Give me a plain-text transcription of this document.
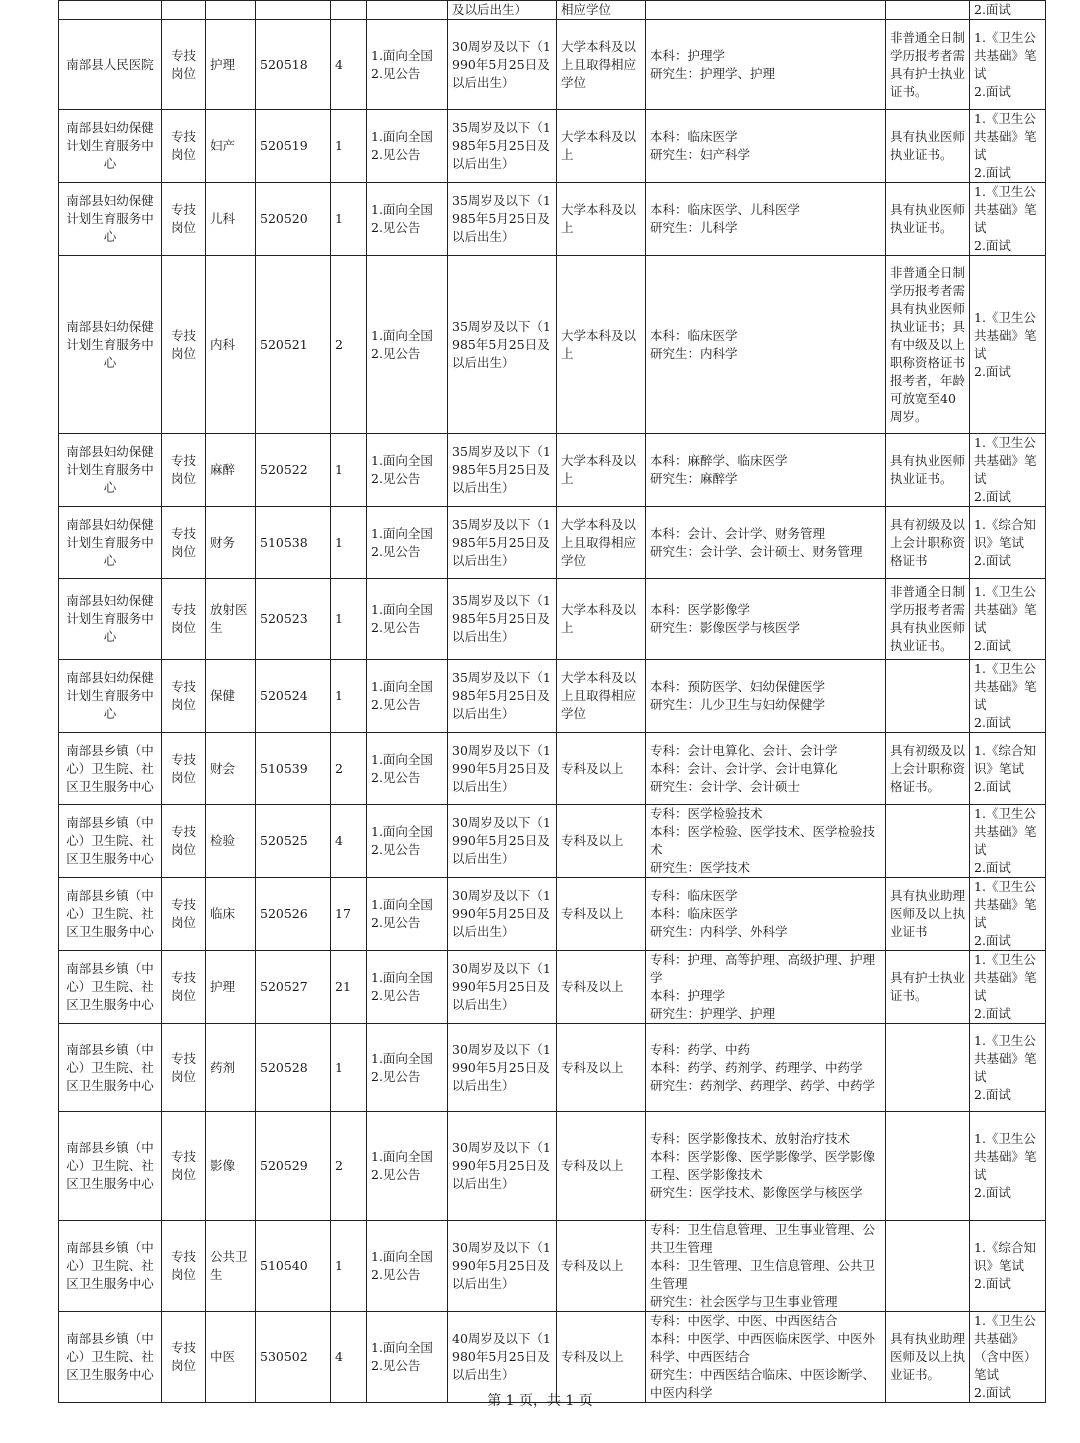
						及以后出生）	相应学位			2.面试
南部县人民医院	专技岗位	护理	520518	4	1.面向全国
2.见公告	30周岁及以下（1990年5月25日及以后出生）	大学本科及以上且取得相应学位	本科：护理学
研究生：护理学、护理	非普通全日制学历报考者需具有护士执业证书。	1.《卫生公共基础》笔试
2.面试
南部县妇幼保健计划生育服务中心	专技岗位	妇产	520519	1	1.面向全国
2.见公告	35周岁及以下（1985年5月25日及以后出生）	大学本科及以上	本科：临床医学
研究生：妇产科学	具有执业医师执业证书。	1.《卫生公共基础》笔试
2.面试
南部县妇幼保健计划生育服务中心	专技岗位	儿科	520520	1	1.面向全国
2.见公告	35周岁及以下（1985年5月25日及以后出生）	大学本科及以上	本科：临床医学、儿科医学
研究生：儿科学	具有执业医师执业证书。	1.《卫生公共基础》笔试
2.面试
南部县妇幼保健计划生育服务中心	专技岗位	内科	520521	2	1.面向全国
2.见公告	35周岁及以下（1985年5月25日及以后出生）	大学本科及以上	本科：临床医学
研究生：内科学	非普通全日制学历报考者需具有执业医师执业证书；具有中级及以上职称资格证书报考者，年龄可放宽至40周岁。	1.《卫生公共基础》笔试
2.面试
南部县妇幼保健计划生育服务中心	专技岗位	麻醉	520522	1	1.面向全国
2.见公告	35周岁及以下（1985年5月25日及以后出生）	大学本科及以上	本科：麻醉学、临床医学
研究生：麻醉学	具有执业医师执业证书。	1.《卫生公共基础》笔试
2.面试
南部县妇幼保健计划生育服务中心	专技岗位	财务	510538	1	1.面向全国
2.见公告	35周岁及以下（1985年5月25日及以后出生）	大学本科及以上且取得相应学位	本科：会计、会计学、财务管理
研究生：会计学、会计硕士、财务管理	具有初级及以上会计职称资格证书	1.《综合知识》笔试
2.面试
南部县妇幼保健计划生育服务中心	专技岗位	放射医生	520523	1	1.面向全国
2.见公告	35周岁及以下（1985年5月25日及以后出生）	大学本科及以上	本科：医学影像学
研究生：影像医学与核医学	非普通全日制学历报考者需具有执业医师执业证书。	1.《卫生公共基础》笔试
2.面试
南部县妇幼保健计划生育服务中心	专技岗位	保健	520524	1	1.面向全国
2.见公告	35周岁及以下（1985年5月25日及以后出生）	大学本科及以上且取得相应学位	本科：预防医学、妇幼保健医学
研究生：儿少卫生与妇幼保健学		1.《卫生公共基础》笔试
2.面试
南部县乡镇（中心）卫生院、社区卫生服务中心	专技岗位	财会	510539	2	1.面向全国
2.见公告	30周岁及以下（1990年5月25日及以后出生）	专科及以上	专科：会计电算化、会计、会计学
本科：会计、会计学、会计电算化
研究生：会计学、会计硕士	具有初级及以上会计职称资格证书。	1.《综合知识》笔试
2.面试
南部县乡镇（中心）卫生院、社区卫生服务中心	专技岗位	检验	520525	4	1.面向全国
2.见公告	30周岁及以下（1990年5月25日及以后出生）	专科及以上	专科：医学检验技术
本科：医学检验、医学技术、医学检验技术
研究生：医学技术		1.《卫生公共基础》笔试
2.面试
南部县乡镇（中心）卫生院、社区卫生服务中心	专技岗位	临床	520526	17	1.面向全国
2.见公告	30周岁及以下（1990年5月25日及以后出生）	专科及以上	专科：临床医学
本科：临床医学
研究生：内科学、外科学	具有执业助理医师及以上执业证书	1.《卫生公共基础》笔试
2.面试
南部县乡镇（中心）卫生院、社区卫生服务中心	专技岗位	护理	520527	21	1.面向全国
2.见公告	30周岁及以下（1990年5月25日及以后出生）	专科及以上	专科：护理、高等护理、高级护理、护理学
本科：护理学
研究生：护理学、护理	具有护士执业证书。	1.《卫生公共基础》笔试
2.面试
南部县乡镇（中心）卫生院、社区卫生服务中心	专技岗位	药剂	520528	1	1.面向全国
2.见公告	30周岁及以下（1990年5月25日及以后出生）	专科及以上	专科：药学、中药
本科：药学、药剂学、药理学、中药学
研究生：药剂学、药理学、药学、中药学		1.《卫生公共基础》笔试
2.面试
南部县乡镇（中心）卫生院、社区卫生服务中心	专技岗位	影像	520529	2	1.面向全国
2.见公告	30周岁及以下（1990年5月25日及以后出生）	专科及以上	专科：医学影像技术、放射治疗技术
本科：医学影像、医学影像学、医学影像工程、医学影像技术
研究生：医学技术、影像医学与核医学		1.《卫生公共基础》笔试
2.面试
南部县乡镇（中心）卫生院、社区卫生服务中心	专技岗位	公共卫生	510540	1	1.面向全国
2.见公告	30周岁及以下（1990年5月25日及以后出生）	专科及以上	专科：卫生信息管理、卫生事业管理、公共卫生管理
本科：卫生管理、卫生信息管理、公共卫生管理
研究生：社会医学与卫生事业管理		1.《综合知识》笔试
2.面试
南部县乡镇（中心）卫生院、社区卫生服务中心	专技岗位	中医	530502	4	1.面向全国
2.见公告	40周岁及以下（1980年5月25日及以后出生）	专科及以上	专科：中医学、中医、中西医结合
本科：中医学、中西医临床医学、中医外科学、中西医结合
研究生：中西医结合临床、中医诊断学、中医内科学	具有执业助理医师及以上执业证书。	1.《卫生公共基础》（含中医）笔试
2.面试
第 1 页，共 1 页
